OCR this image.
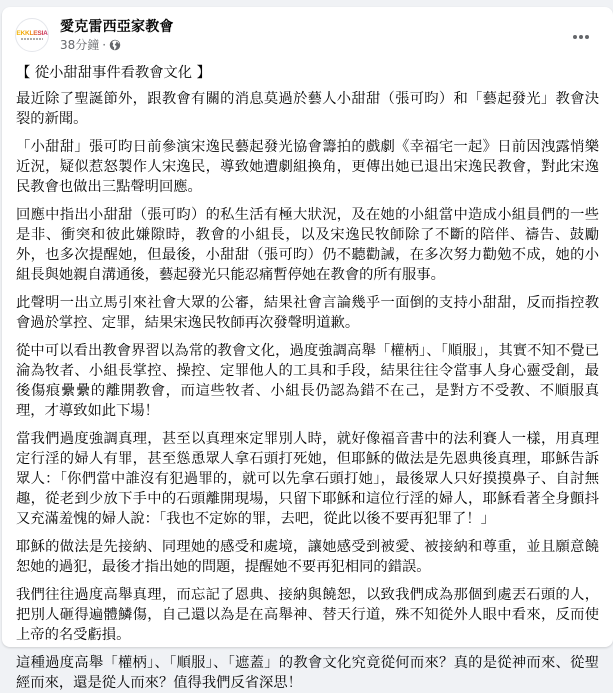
EKKLESIA 愛克雷西亞家教會
38分鐘 ·

【 從小甜甜事件看教會文化 】

最近除了聖誕節外，跟教會有關的消息莫過於藝人小甜甜（張可昀）和「藝起發光」教會決裂的新聞。

「小甜甜」張可昀日前參演宋逸民藝起發光協會籌拍的戲劇《幸福宅一起》日前因洩露悄樂近況，疑似惹怒製作人宋逸民，導致她遭劇組換角，更傳出她已退出宋逸民教會，對此宋逸民教會也做出三點聲明回應。

回應中指出小甜甜（張可昀）的私生活有極大狀況，及在她的小組當中造成小組員們的一些是非、衝突和彼此嫌隙時，教會的小組長，以及宋逸民牧師除了不斷的陪伴、禱告、鼓勵外，也多次提醒她，但最後，小甜甜（張可昀）仍不聽勸誡，在多次努力勸勉不成，她的小組長與她親自溝通後，藝起發光只能忍痛暫停她在教會的所有服事。

此聲明一出立馬引來社會大眾的公審，結果社會言論幾乎一面倒的支持小甜甜，反而指控教會過於掌控、定罪，結果宋逸民牧師再次發聲明道歉。

從中可以看出教會界習以為常的教會文化，過度強調高舉「權柄」、「順服」，其實不知不覺已淪為牧者、小組長掌控、操控、定罪他人的工具和手段，結果往往令當事人身心靈受創，最後傷痕纍纍的離開教會，而這些牧者、小組長仍認為錯不在己，是對方不受教、不順服真理，才導致如此下場！

當我們過度強調真理，甚至以真理來定罪別人時，就好像福音書中的法利賽人一樣，用真理定行淫的婦人有罪，甚至慫恿眾人拿石頭打死她，但耶穌的做法是先恩典後真理，耶穌告訴眾人：「你們當中誰沒有犯過罪的，就可以先拿石頭打她」，最後眾人只好摸摸鼻子、自討無趣，從老到少放下手中的石頭離開現場，只留下耶穌和這位行淫的婦人，耶穌看著全身顫抖又充滿羞愧的婦人說：「我也不定妳的罪，去吧，從此以後不要再犯罪了！」

耶穌的做法是先接納、同理她的感受和處境，讓她感受到被愛、被接納和尊重，並且願意饒恕她的過犯，最後才指出她的問題，提醒她不要再犯相同的錯誤。

我們往往過度高舉真理，而忘記了恩典、接納與饒恕，以致我們成為那個到處丟石頭的人，把別人砸得遍體鱗傷，自己還以為是在高舉神、替天行道，殊不知從外人眼中看來，反而使上帝的名受虧損。

這種過度高舉「權柄」、「順服」、「遮蓋」的教會文化究竟從何而來？真的是從神而來、從聖經而來，還是從人而來？值得我們反省深思！
